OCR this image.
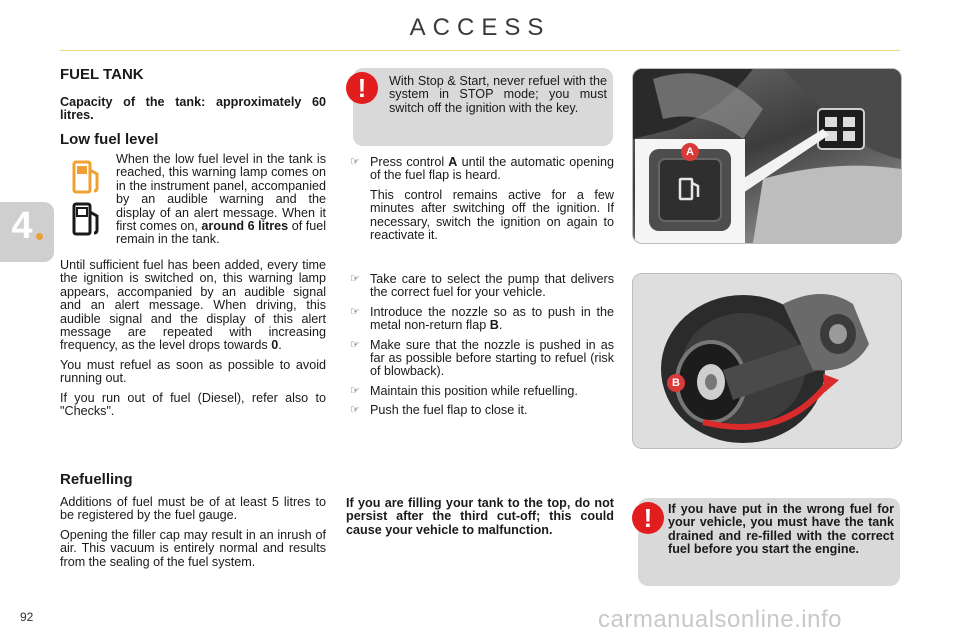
ACCESS
4
FUEL TANK
Capacity of the tank: approximately 60 litres.
Low fuel level
When the low fuel level in the tank is reached, this warning lamp comes on in the instrument panel, accompanied by an audible warning and the display of an alert message. When it first comes on, around 6 litres of fuel remain in the tank.

Until sufficient fuel has been added, every time the ignition is switched on, this warning lamp appears, accompanied by an audible signal and an alert message. When driving, this audible signal and the display of this alert message are repeated with increasing frequency, as the level drops towards 0.

You must refuel as soon as possible to avoid running out.

If you run out of fuel (Diesel), refer also to "Checks".

Refuelling

Additions of fuel must be of at least 5 litres to be registered by the fuel gauge.

Opening the filler cap may result in an inrush of air. This vacuum is entirely normal and results from the sealing of the fuel system.

!	With Stop & Start, never refuel with the system in STOP mode; you must switch off the ignition with the key.
☞ Press control A until the automatic opening of the fuel flap is heard.
This control remains active for a few minutes after switching off the ignition. If necessary, switch the ignition on again to reactivate it.
☞ Take care to select the pump that delivers the correct fuel for your vehicle.
☞ Introduce the nozzle so as to push in the metal non-return flap B.
☞ Make sure that the nozzle is pushed in as far as possible before starting to refuel (risk of blowback).
☞ Maintain this position while refuelling.
☞ Push the fuel flap to close it.
If you are filling your tank to the top, do not persist after the third cut-off; this could cause your vehicle to malfunction.	!	If you have put in the wrong fuel for your vehicle, you must have the tank drained and re-filled with the correct fuel before you start the engine.
A
B
92	carmanualsonline.info
